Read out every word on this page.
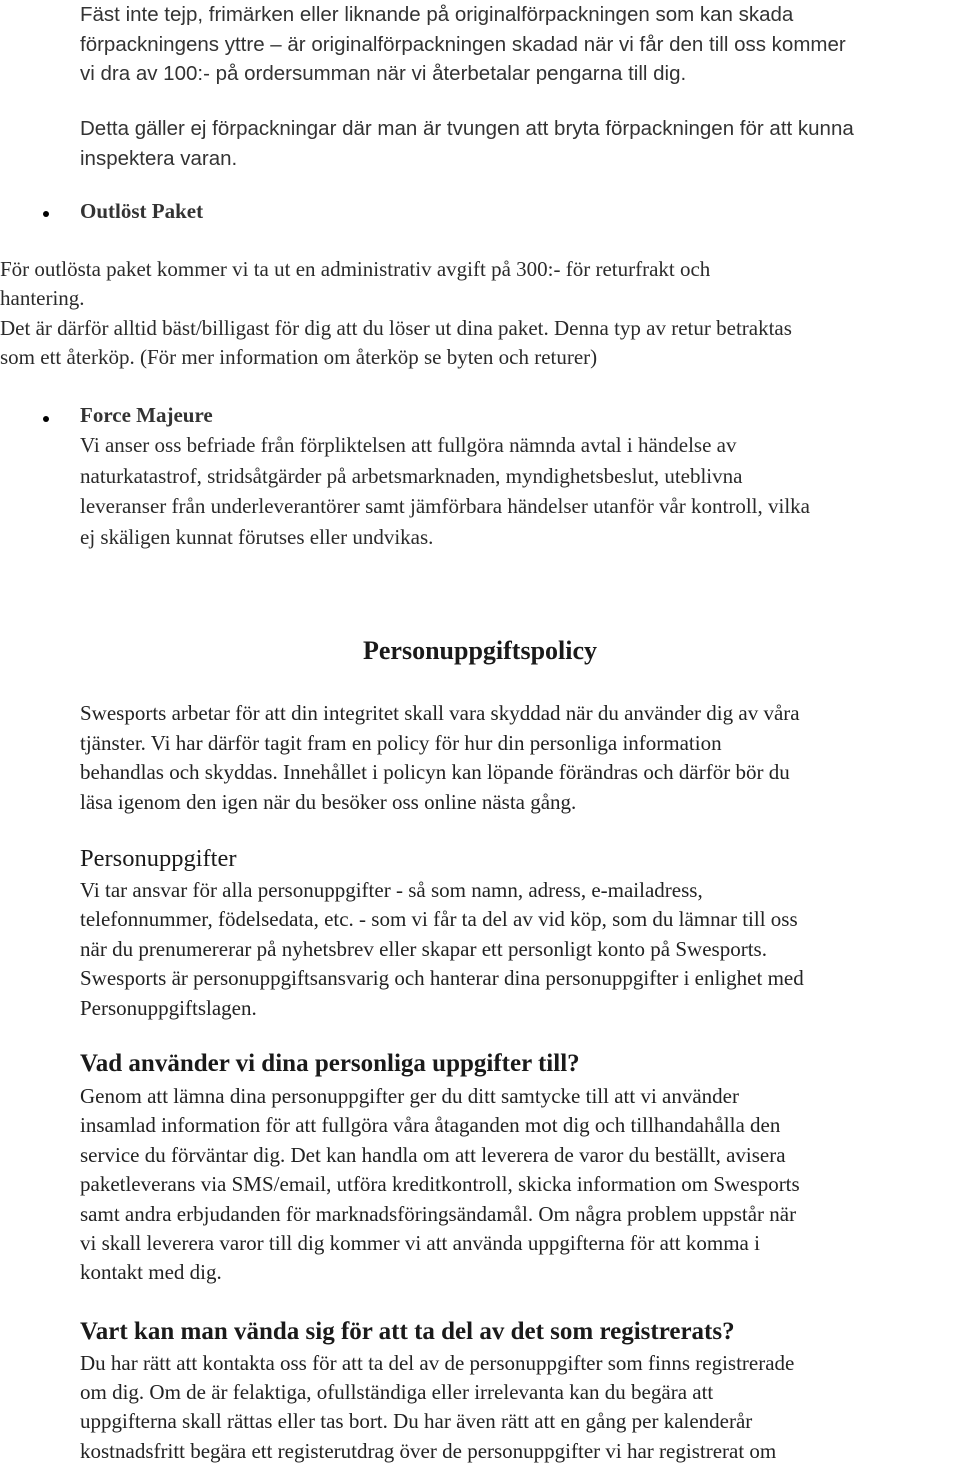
Fäst inte tejp, frimärken eller liknande på originalförpackningen som kan skada
förpackningens yttre – är originalförpackningen skadad när vi får den till oss kommer
vi dra av 100:- på ordersumman när vi återbetalar pengarna till dig.
Detta gäller ej förpackningar där man är tvungen att bryta förpackningen för att kunna
inspektera varan.
Outlöst Paket
För outlösta paket kommer vi ta ut en administrativ avgift på 300:- för returfrakt och
hantering.
Det är därför alltid bäst/billigast för dig att du löser ut dina paket. Denna typ av retur betraktas
som ett återköp. (För mer information om återköp se byten och returer)
Force Majeure
Vi anser oss befriade från förpliktelsen att fullgöra nämnda avtal i händelse av
naturkatastrof, stridsåtgärder på arbetsmarknaden, myndighetsbeslut, uteblivna
leveranser från underleverantörer samt jämförbara händelser utanför vår kontroll, vilka
ej skäligen kunnat förutses eller undvikas.
Personuppgiftspolicy
Swesports arbetar för att din integritet skall vara skyddad när du använder dig av våra
tjänster. Vi har därför tagit fram en policy för hur din personliga information
behandlas och skyddas. Innehållet i policyn kan löpande förändras och därför bör du
läsa igenom den igen när du besöker oss online nästa gång.
Personuppgifter
Vi tar ansvar för alla personuppgifter - så som namn, adress, e-mailadress,
telefonnummer, födelsedata, etc. - som vi får ta del av vid köp, som du lämnar till oss
när du prenumererar på nyhetsbrev eller skapar ett personligt konto på Swesports.
Swesports är personuppgiftsansvarig och hanterar dina personuppgifter i enlighet med
Personuppgiftslagen.
Vad använder vi dina personliga uppgifter till?
Genom att lämna dina personuppgifter ger du ditt samtycke till att vi använder
insamlad information för att fullgöra våra åtaganden mot dig och tillhandahålla den
service du förväntar dig. Det kan handla om att leverera de varor du beställt, avisera
paketleverans via SMS/email, utföra kreditkontroll, skicka information om Swesports
samt andra erbjudanden för marknadsföringsändamål. Om några problem uppstår när
vi skall leverera varor till dig kommer vi att använda uppgifterna för att komma i
kontakt med dig.
Vart kan man vända sig för att ta del av det som registrerats?
Du har rätt att kontakta oss för att ta del av de personuppgifter som finns registrerade
om dig. Om de är felaktiga, ofullständiga eller irrelevanta kan du begära att
uppgifterna skall rättas eller tas bort. Du har även rätt att en gång per kalenderår
kostnadsfritt begära ett registerutdrag över de personuppgifter vi har registrerat om
